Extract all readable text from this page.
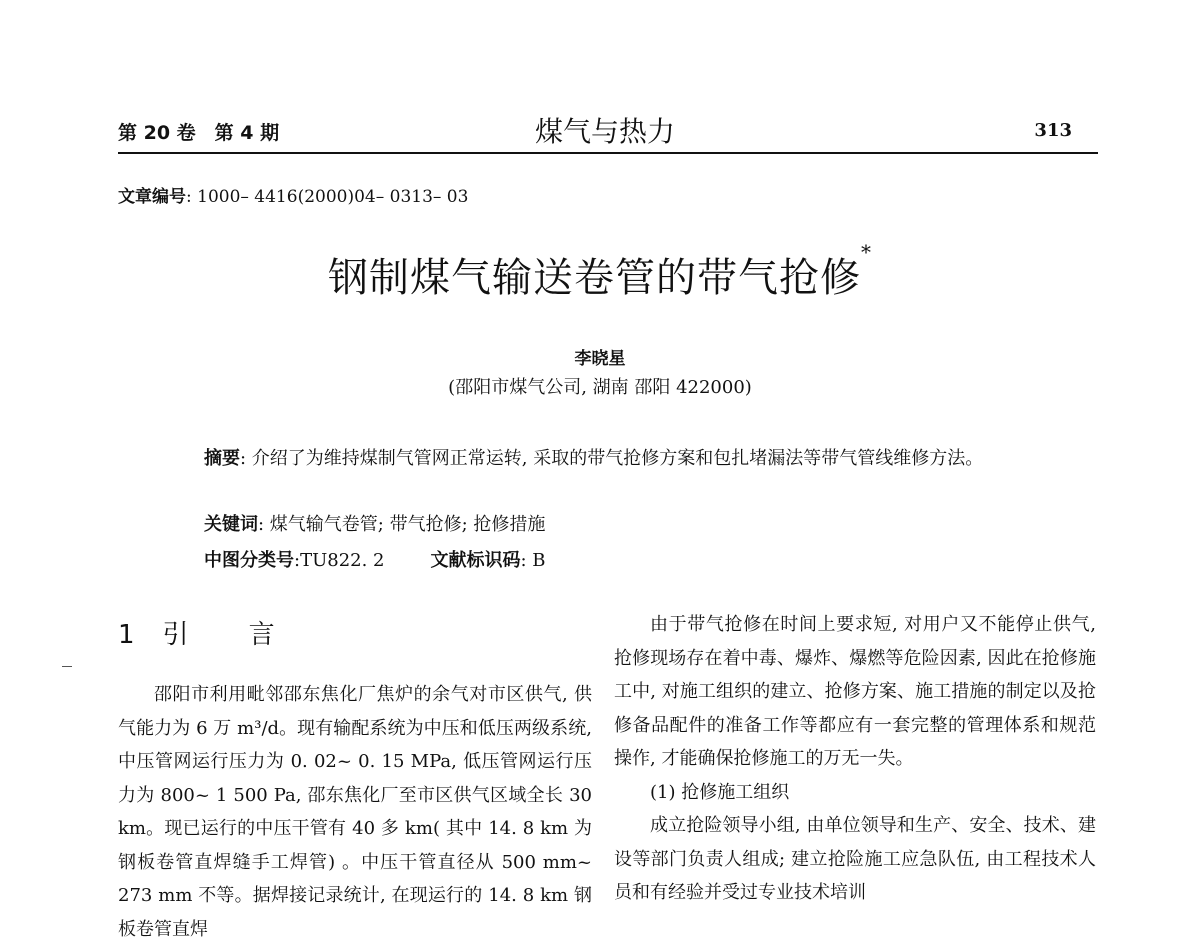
第 20 卷　第 4 期	煤气与热力	313
文章编号: 1000– 4416(2000)04– 0313– 03
钢制煤气输送卷管的带气抢修*
李晓星
(邵阳市煤气公司, 湖南 邵阳 422000)
摘要: 介绍了为维持煤制气管网正常运转, 采取的带气抢修方案和包扎堵漏法等带气管线维修方法。
关键词: 煤气输气卷管; 带气抢修; 抢修措施
中图分类号:TU822. 2	文献标识码: B
1 引 言

邵阳市利用毗邻邵东焦化厂焦炉的余气对市区供气, 供气能力为 6 万 m³/d。现有输配系统为中压和低压两级系统, 中压管网运行压力为 0. 02~ 0. 15 MPa, 低压管网运行压力为 800~ 1 500 Pa, 邵东焦化厂至市区供气区域全长 30 km。现已运行的中压干管有 40 多 km( 其中 14. 8 km 为钢板卷管直焊缝手工焊管) 。中压干管直径从 500 mm~ 273 mm 不等。据焊接记录统计, 在现运行的 14. 8 km 钢板卷管直焊

由于带气抢修在时间上要求短, 对用户又不能停止供气, 抢修现场存在着中毒、爆炸、爆燃等危险因素, 因此在抢修施工中, 对施工组织的建立、抢修方案、施工措施的制定以及抢修备品配件的准备工作等都应有一套完整的管理体系和规范操作, 才能确保抢修施工的万无一失。

(1) 抢修施工组织

成立抢险领导小组, 由单位领导和生产、安全、技术、建设等部门负责人组成; 建立抢险施工应急队伍, 由工程技术人员和有经验并受过专业技术培训
